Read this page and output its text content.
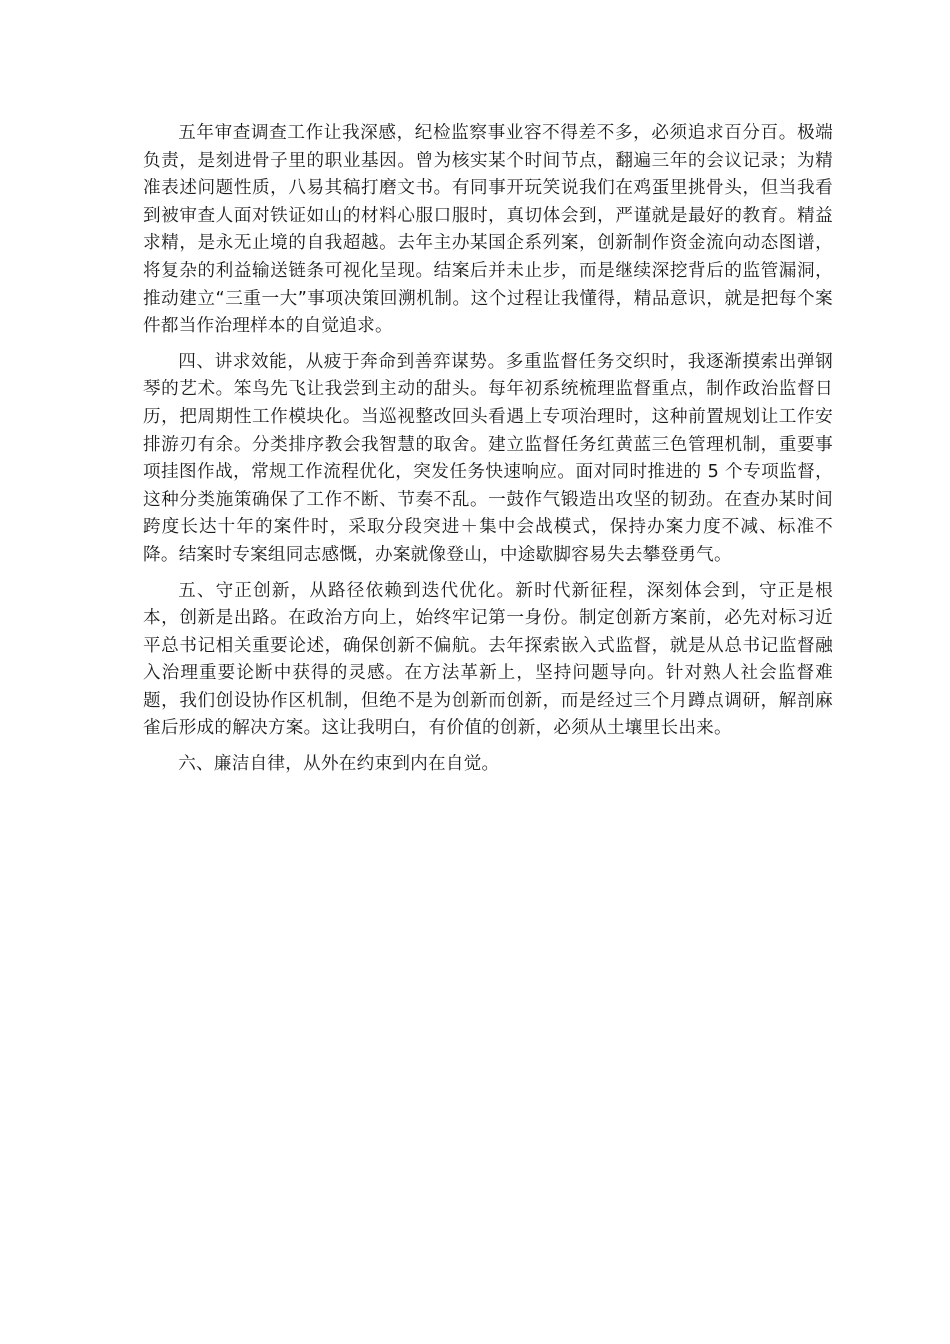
五年审查调查工作让我深感，纪检监察事业容不得差不多，必须追求百分百。极端负责，是刻进骨子里的职业基因。曾为核实某个时间节点，翻遍三年的会议记录；为精准表述问题性质，八易其稿打磨文书。有同事开玩笑说我们在鸡蛋里挑骨头，但当我看到被审查人面对铁证如山的材料心服口服时，真切体会到，严谨就是最好的教育。精益求精，是永无止境的自我超越。去年主办某国企系列案，创新制作资金流向动态图谱，将复杂的利益输送链条可视化呈现。结案后并未止步，而是继续深挖背后的监管漏洞，推动建立“三重一大”事项决策回溯机制。这个过程让我懂得，精品意识，就是把每个案件都当作治理样本的自觉追求。

四、讲求效能，从疲于奔命到善弈谋势。多重监督任务交织时，我逐渐摸索出弹钢琴的艺术。笨鸟先飞让我尝到主动的甜头。每年初系统梳理监督重点，制作政治监督日历，把周期性工作模块化。当巡视整改回头看遇上专项治理时，这种前置规划让工作安排游刃有余。分类排序教会我智慧的取舍。建立监督任务红黄蓝三色管理机制，重要事项挂图作战，常规工作流程优化，突发任务快速响应。面对同时推进的 5 个专项监督，这种分类施策确保了工作不断、节奏不乱。一鼓作气锻造出攻坚的韧劲。在查办某时间跨度长达十年的案件时，采取分段突进＋集中会战模式，保持办案力度不减、标准不降。结案时专案组同志感慨，办案就像登山，中途歇脚容易失去攀登勇气。

五、守正创新，从路径依赖到迭代优化。新时代新征程，深刻体会到，守正是根本，创新是出路。在政治方向上，始终牢记第一身份。制定创新方案前，必先对标习近平总书记相关重要论述，确保创新不偏航。去年探索嵌入式监督，就是从总书记监督融入治理重要论断中获得的灵感。在方法革新上，坚持问题导向。针对熟人社会监督难题，我们创设协作区机制，但绝不是为创新而创新，而是经过三个月蹲点调研，解剖麻雀后形成的解决方案。这让我明白，有价值的创新，必须从土壤里长出来。

六、廉洁自律，从外在约束到内在自觉。
